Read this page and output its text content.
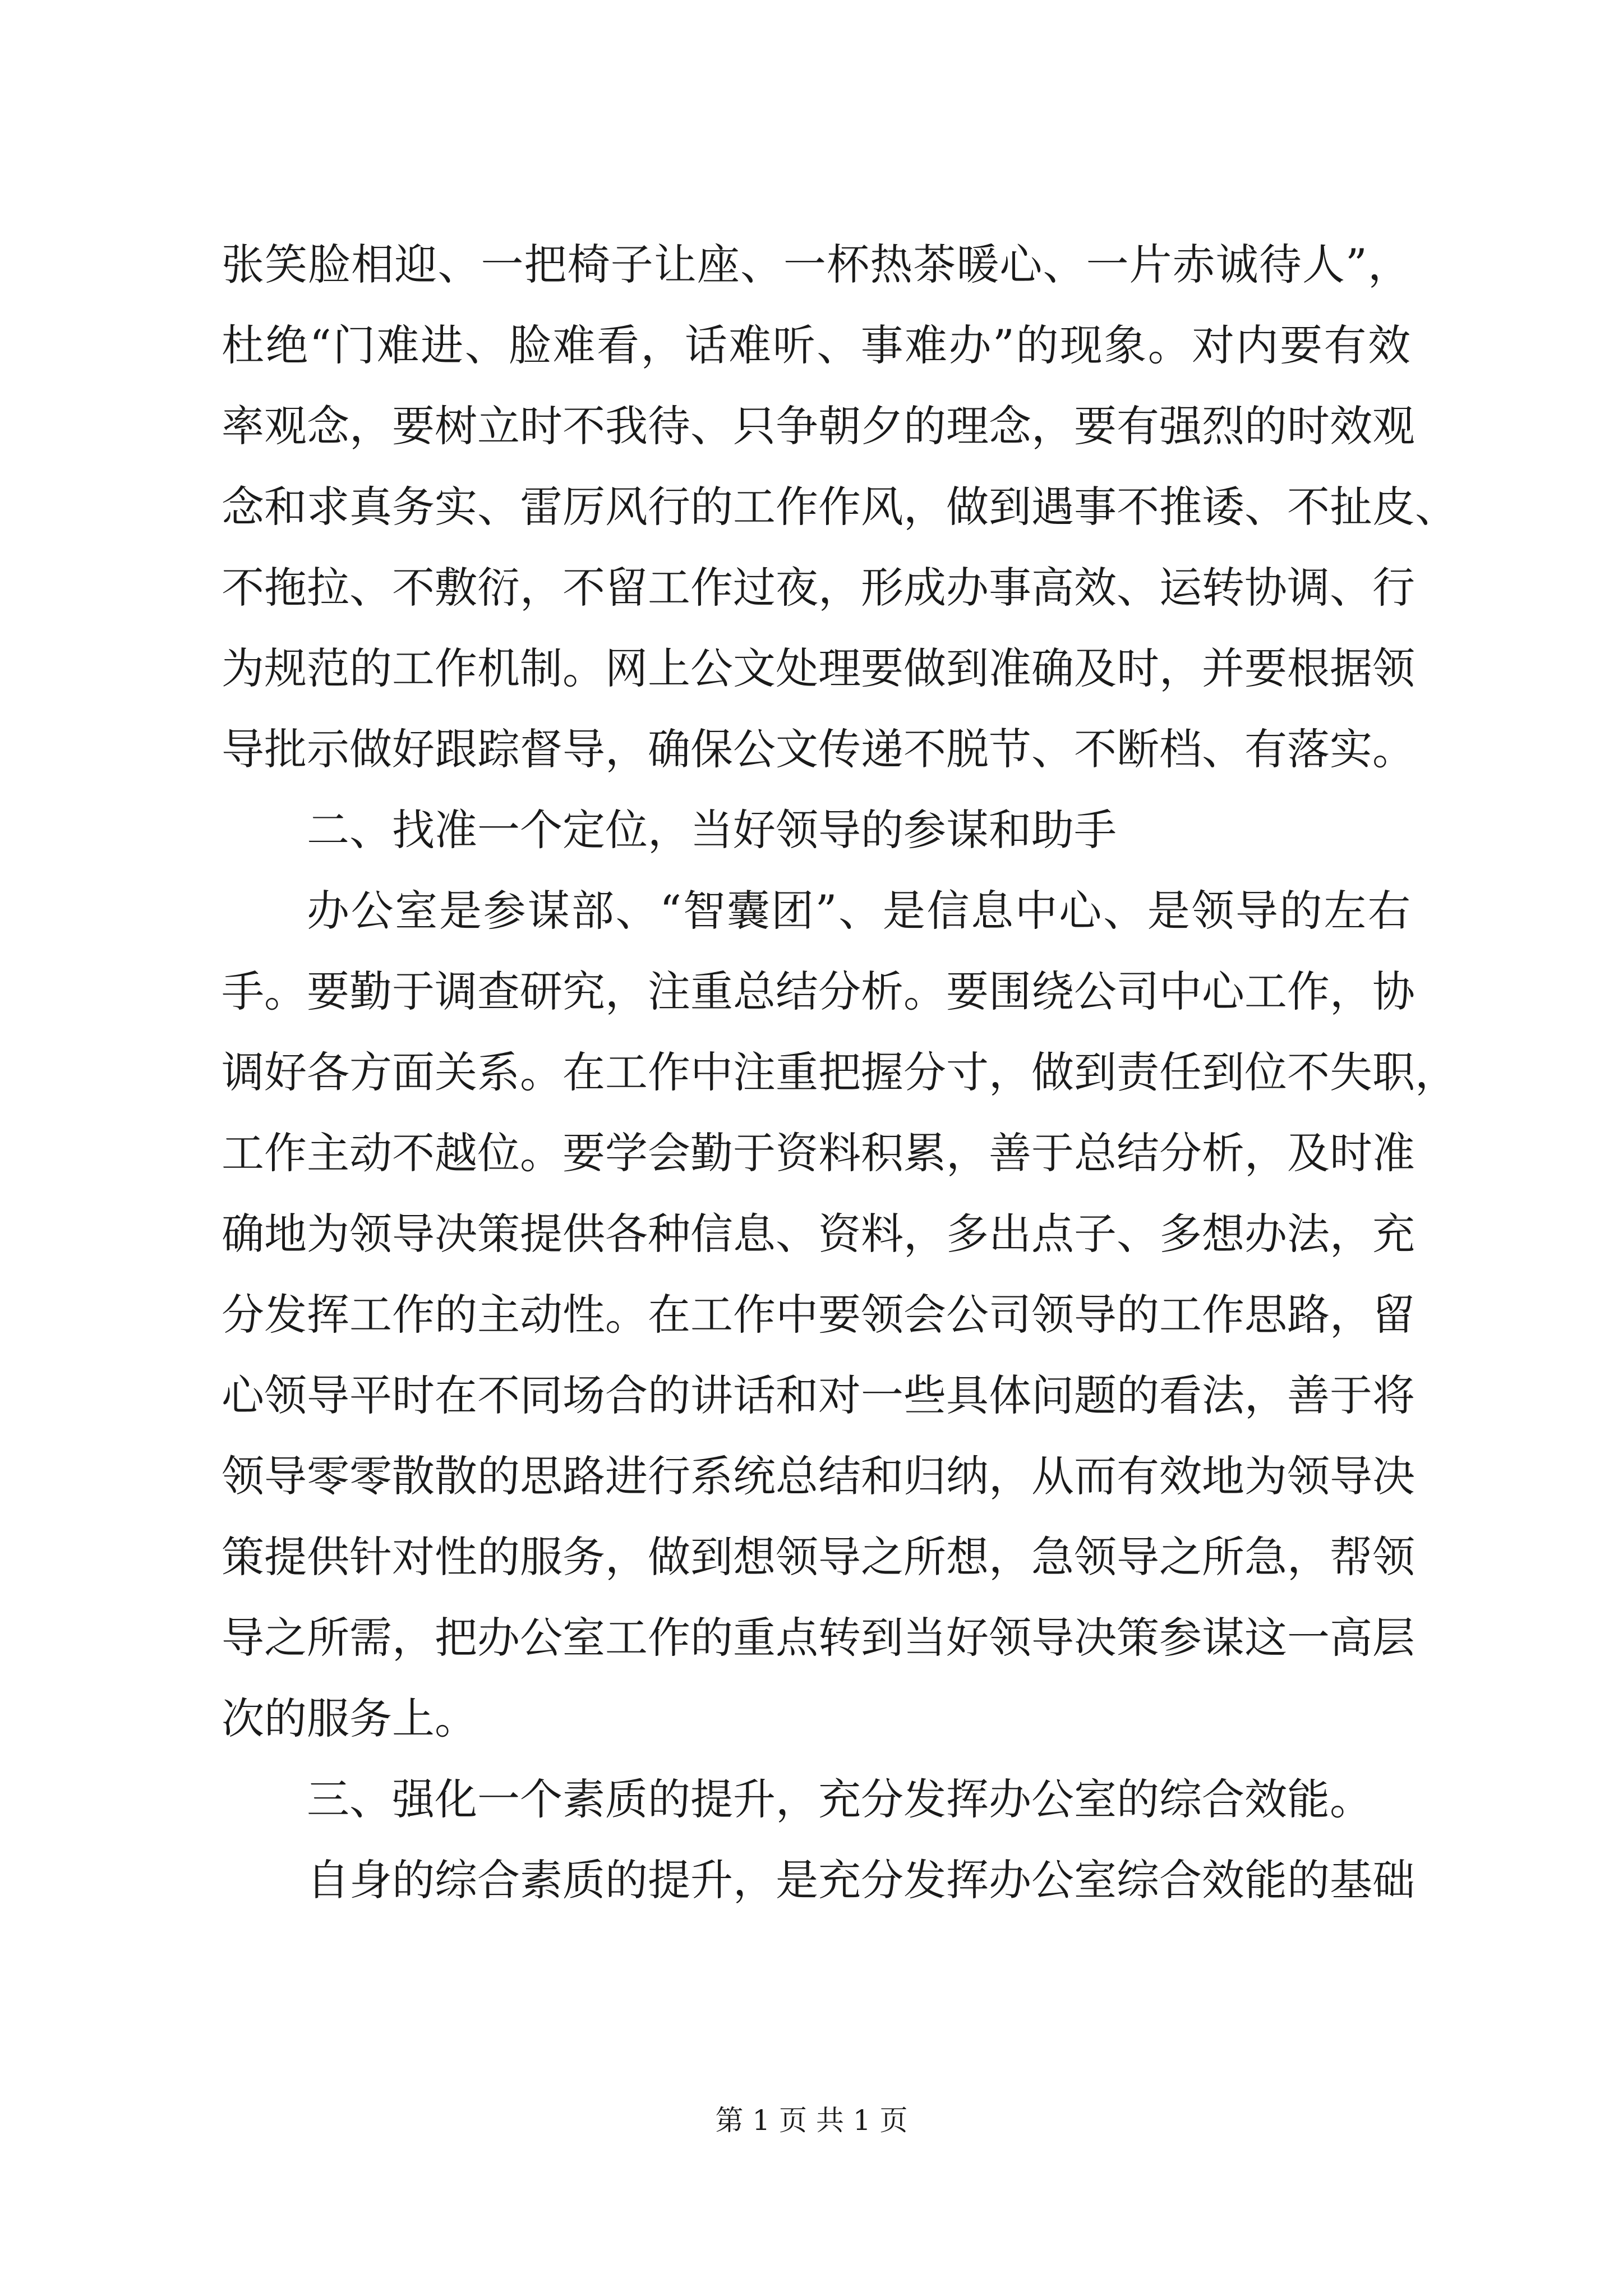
张笑脸相迎、一把椅子让座、一杯热茶暖心、一片赤诚待人”，
杜绝“门难进、脸难看，话难听、事难办”的现象。对内要有效
率观念，要树立时不我待、只争朝夕的理念，要有强烈的时效观
念和求真务实、雷厉风行的工作作风，做到遇事不推诿、不扯皮、
不拖拉、不敷衍，不留工作过夜，形成办事高效、运转协调、行
为规范的工作机制。网上公文处理要做到准确及时，并要根据领
导批示做好跟踪督导，确保公文传递不脱节、不断档、有落实。
二、找准一个定位，当好领导的参谋和助手
办公室是参谋部、“智囊团”、是信息中心、是领导的左右
手。要勤于调查研究，注重总结分析。要围绕公司中心工作，协
调好各方面关系。在工作中注重把握分寸，做到责任到位不失职，
工作主动不越位。要学会勤于资料积累，善于总结分析，及时准
确地为领导决策提供各种信息、资料，多出点子、多想办法，充
分发挥工作的主动性。在工作中要领会公司领导的工作思路，留
心领导平时在不同场合的讲话和对一些具体问题的看法，善于将
领导零零散散的思路进行系统总结和归纳，从而有效地为领导决
策提供针对性的服务，做到想领导之所想，急领导之所急，帮领
导之所需，把办公室工作的重点转到当好领导决策参谋这一高层
次的服务上。
三、强化一个素质的提升，充分发挥办公室的综合效能。
自身的综合素质的提升，是充分发挥办公室综合效能的基础
第 1 页 共 1 页
